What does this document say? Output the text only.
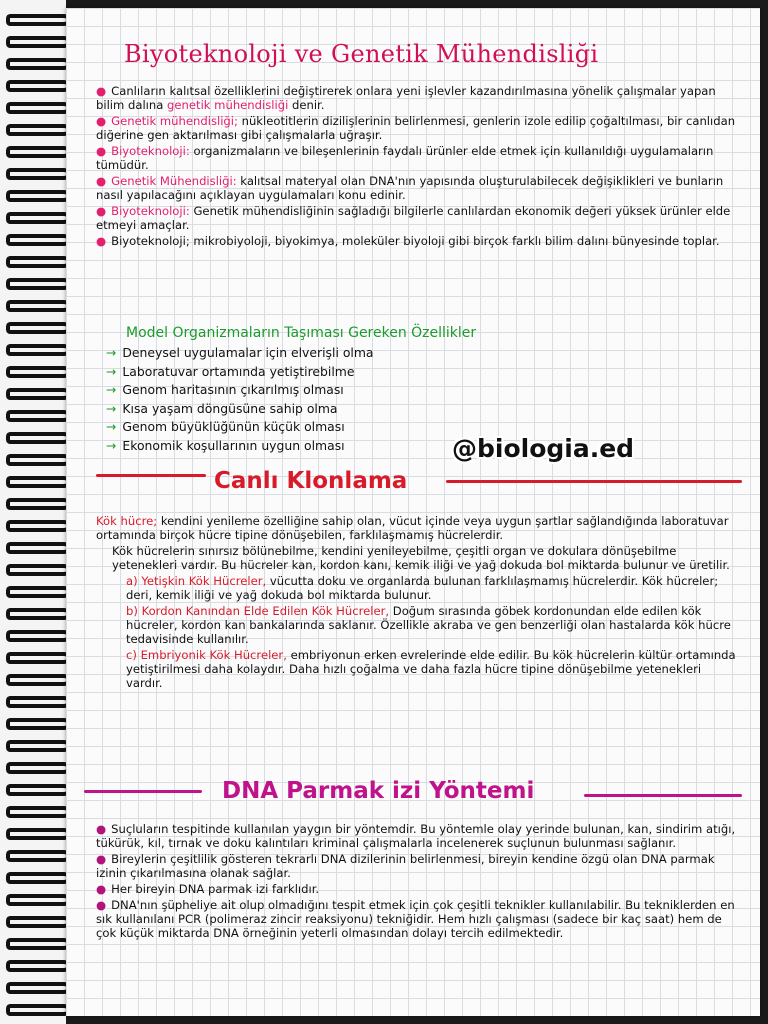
Biyoteknoloji ve Genetik Mühendisliği

● Canlıların kalıtsal özelliklerini değiştirerek onlara yeni işlevler kazandırılmasına yönelik çalışmalar yapan bilim dalına genetik mühendisliği denir.

● Genetik mühendisliği; nükleotitlerin dizilişlerinin belirlenmesi, genlerin izole edilip çoğaltılması, bir canlıdan diğerine gen aktarılması gibi çalışmalarla uğraşır.

● Biyoteknoloji: organizmaların ve bileşenlerinin faydalı ürünler elde etmek için kullanıldığı uygulamaların tümüdür.

● Genetik Mühendisliği: kalıtsal materyal olan DNA'nın yapısında oluşturulabilecek değişiklikleri ve bunların nasıl yapılacağını açıklayan uygulamaları konu edinir.

● Biyoteknoloji: Genetik mühendisliğinin sağladığı bilgilerle canlılardan ekonomik değeri yüksek ürünler elde etmeyi amaçlar.

● Biyoteknoloji; mikrobiyoloji, biyokimya, moleküler biyoloji gibi birçok farklı bilim dalını bünyesinde toplar.

Model Organizmaların Taşıması Gereken Özellikler
→ Deneysel uygulamalar için elverişli olma
→ Laboratuvar ortamında yetiştirebilme
→ Genom haritasının çıkarılmış olması
→ Kısa yaşam döngüsüne sahip olma
→ Genom büyüklüğünün küçük olması
→ Ekonomik koşullarının uygun olması	@biologia.ed
Canlı Klonlama

Kök hücre; kendini yenileme özelliğine sahip olan, vücut içinde veya uygun şartlar sağlandığında laboratuvar ortamında birçok hücre tipine dönüşebilen, farklılaşmamış hücrelerdir.

Kök hücrelerin sınırsız bölünebilme, kendini yenileyebilme, çeşitli organ ve dokulara dönüşebilme yetenekleri vardır. Bu hücreler kan, kordon kanı, kemik iliği ve yağ dokuda bol miktarda bulunur ve üretilir.

a) Yetişkin Kök Hücreler, vücutta doku ve organlarda bulunan farklılaşmamış hücrelerdir. Kök hücreler; deri, kemik iliği ve yağ dokuda bol miktarda bulunur.

b) Kordon Kanından Elde Edilen Kök Hücreler, Doğum sırasında göbek kordonundan elde edilen kök hücreler, kordon kan bankalarında saklanır. Özellikle akraba ve gen benzerliği olan hastalarda kök hücre tedavisinde kullanılır.

c) Embriyonik Kök Hücreler, embriyonun erken evrelerinde elde edilir. Bu kök hücrelerin kültür ortamında yetiştirilmesi daha kolaydır. Daha hızlı çoğalma ve daha fazla hücre tipine dönüşebilme yetenekleri vardır.

DNA Parmak izi Yöntemi

● Suçluların tespitinde kullanılan yaygın bir yöntemdir. Bu yöntemle olay yerinde bulunan, kan, sindirim atığı, tükürük, kıl, tırnak ve doku kalıntıları kriminal çalışmalarla incelenerek suçlunun bulunması sağlanır.

● Bireylerin çeşitlilik gösteren tekrarlı DNA dizilerinin belirlenmesi, bireyin kendine özgü olan DNA parmak izinin çıkarılmasına olanak sağlar.

● Her bireyin DNA parmak izi farklıdır.

● DNA'nın şüpheliye ait olup olmadığını tespit etmek için çok çeşitli teknikler kullanılabilir. Bu tekniklerden en sık kullanılanı PCR (polimeraz zincir reaksiyonu) tekniğidir. Hem hızlı çalışması (sadece bir kaç saat) hem de çok küçük miktarda DNA örneğinin yeterli olmasından dolayı tercih edilmektedir.
